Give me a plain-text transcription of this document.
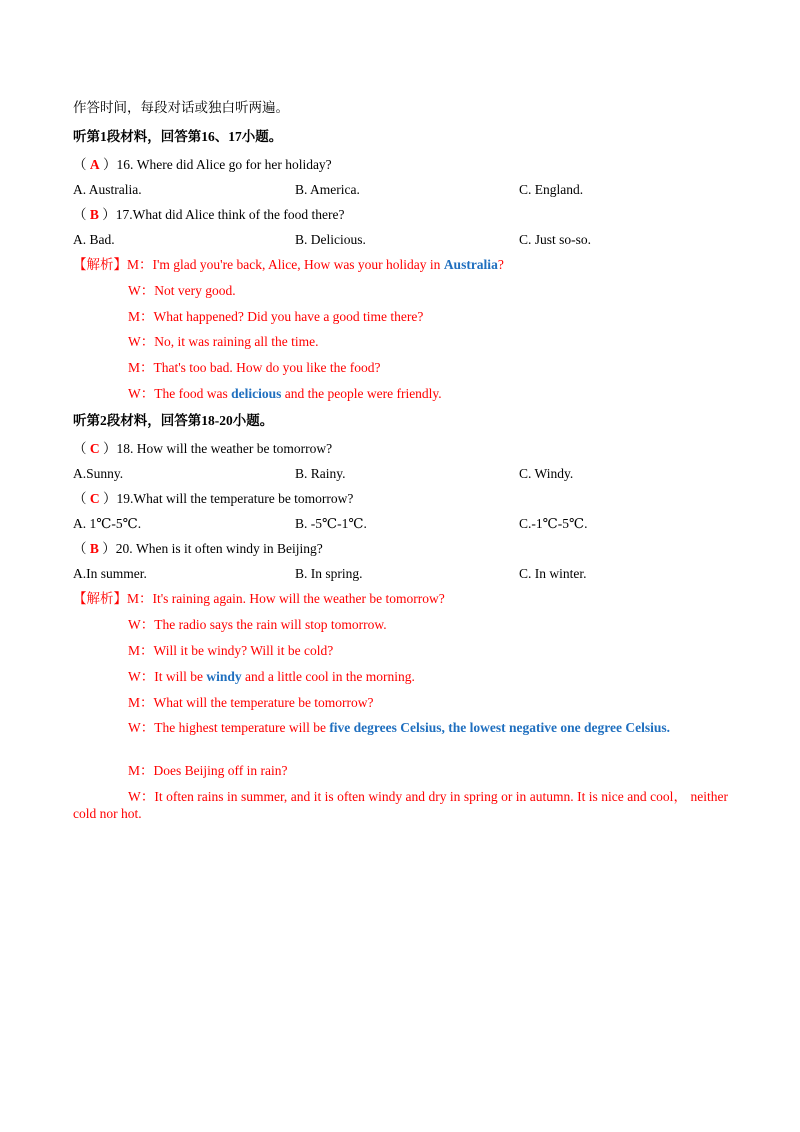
作答时间，每段对话或独白听两遍。
听第1段材料，回答第16、17小题。
（ A ）16. Where did Alice go for her holiday?
A. Australia.	B. America.	C. England.
（ B ）17.What did Alice think of the food there?
A. Bad.	B. Delicious.	C. Just so-so.
【解析】M：I'm glad you're back, Alice, How was your holiday in Australia?
W：Not very good.
M：What happened? Did you have a good time there?
W：No, it was raining all the time.
M：That's too bad. How do you like the food?
W：The food was delicious and the people were friendly.
听第2段材料，回答第18-20小题。
（ C ）18. How will the weather be tomorrow?
A.Sunny.	B. Rainy.	C. Windy.
（ C ）19.What will the temperature be tomorrow?
A. 1℃-5℃.	B. -5℃-1℃.	C.-1℃-5℃.
（ B ）20. When is it often windy in Beijing?
A.In summer.	B. In spring.	C. In winter.
【解析】M：It's raining again. How will the weather be tomorrow?
W：The radio says the rain will stop tomorrow.
M：Will it be windy? Will it be cold?
W：It will be windy and a little cool in the morning.
M：What will the temperature be tomorrow?
W：The highest temperature will be five degrees Celsius, the lowest negative one degree Celsius.
M：Does Beijing off in rain?
W：It often rains in summer, and it is often windy and dry in spring or in autumn. It is nice and cool， neither cold nor hot.
